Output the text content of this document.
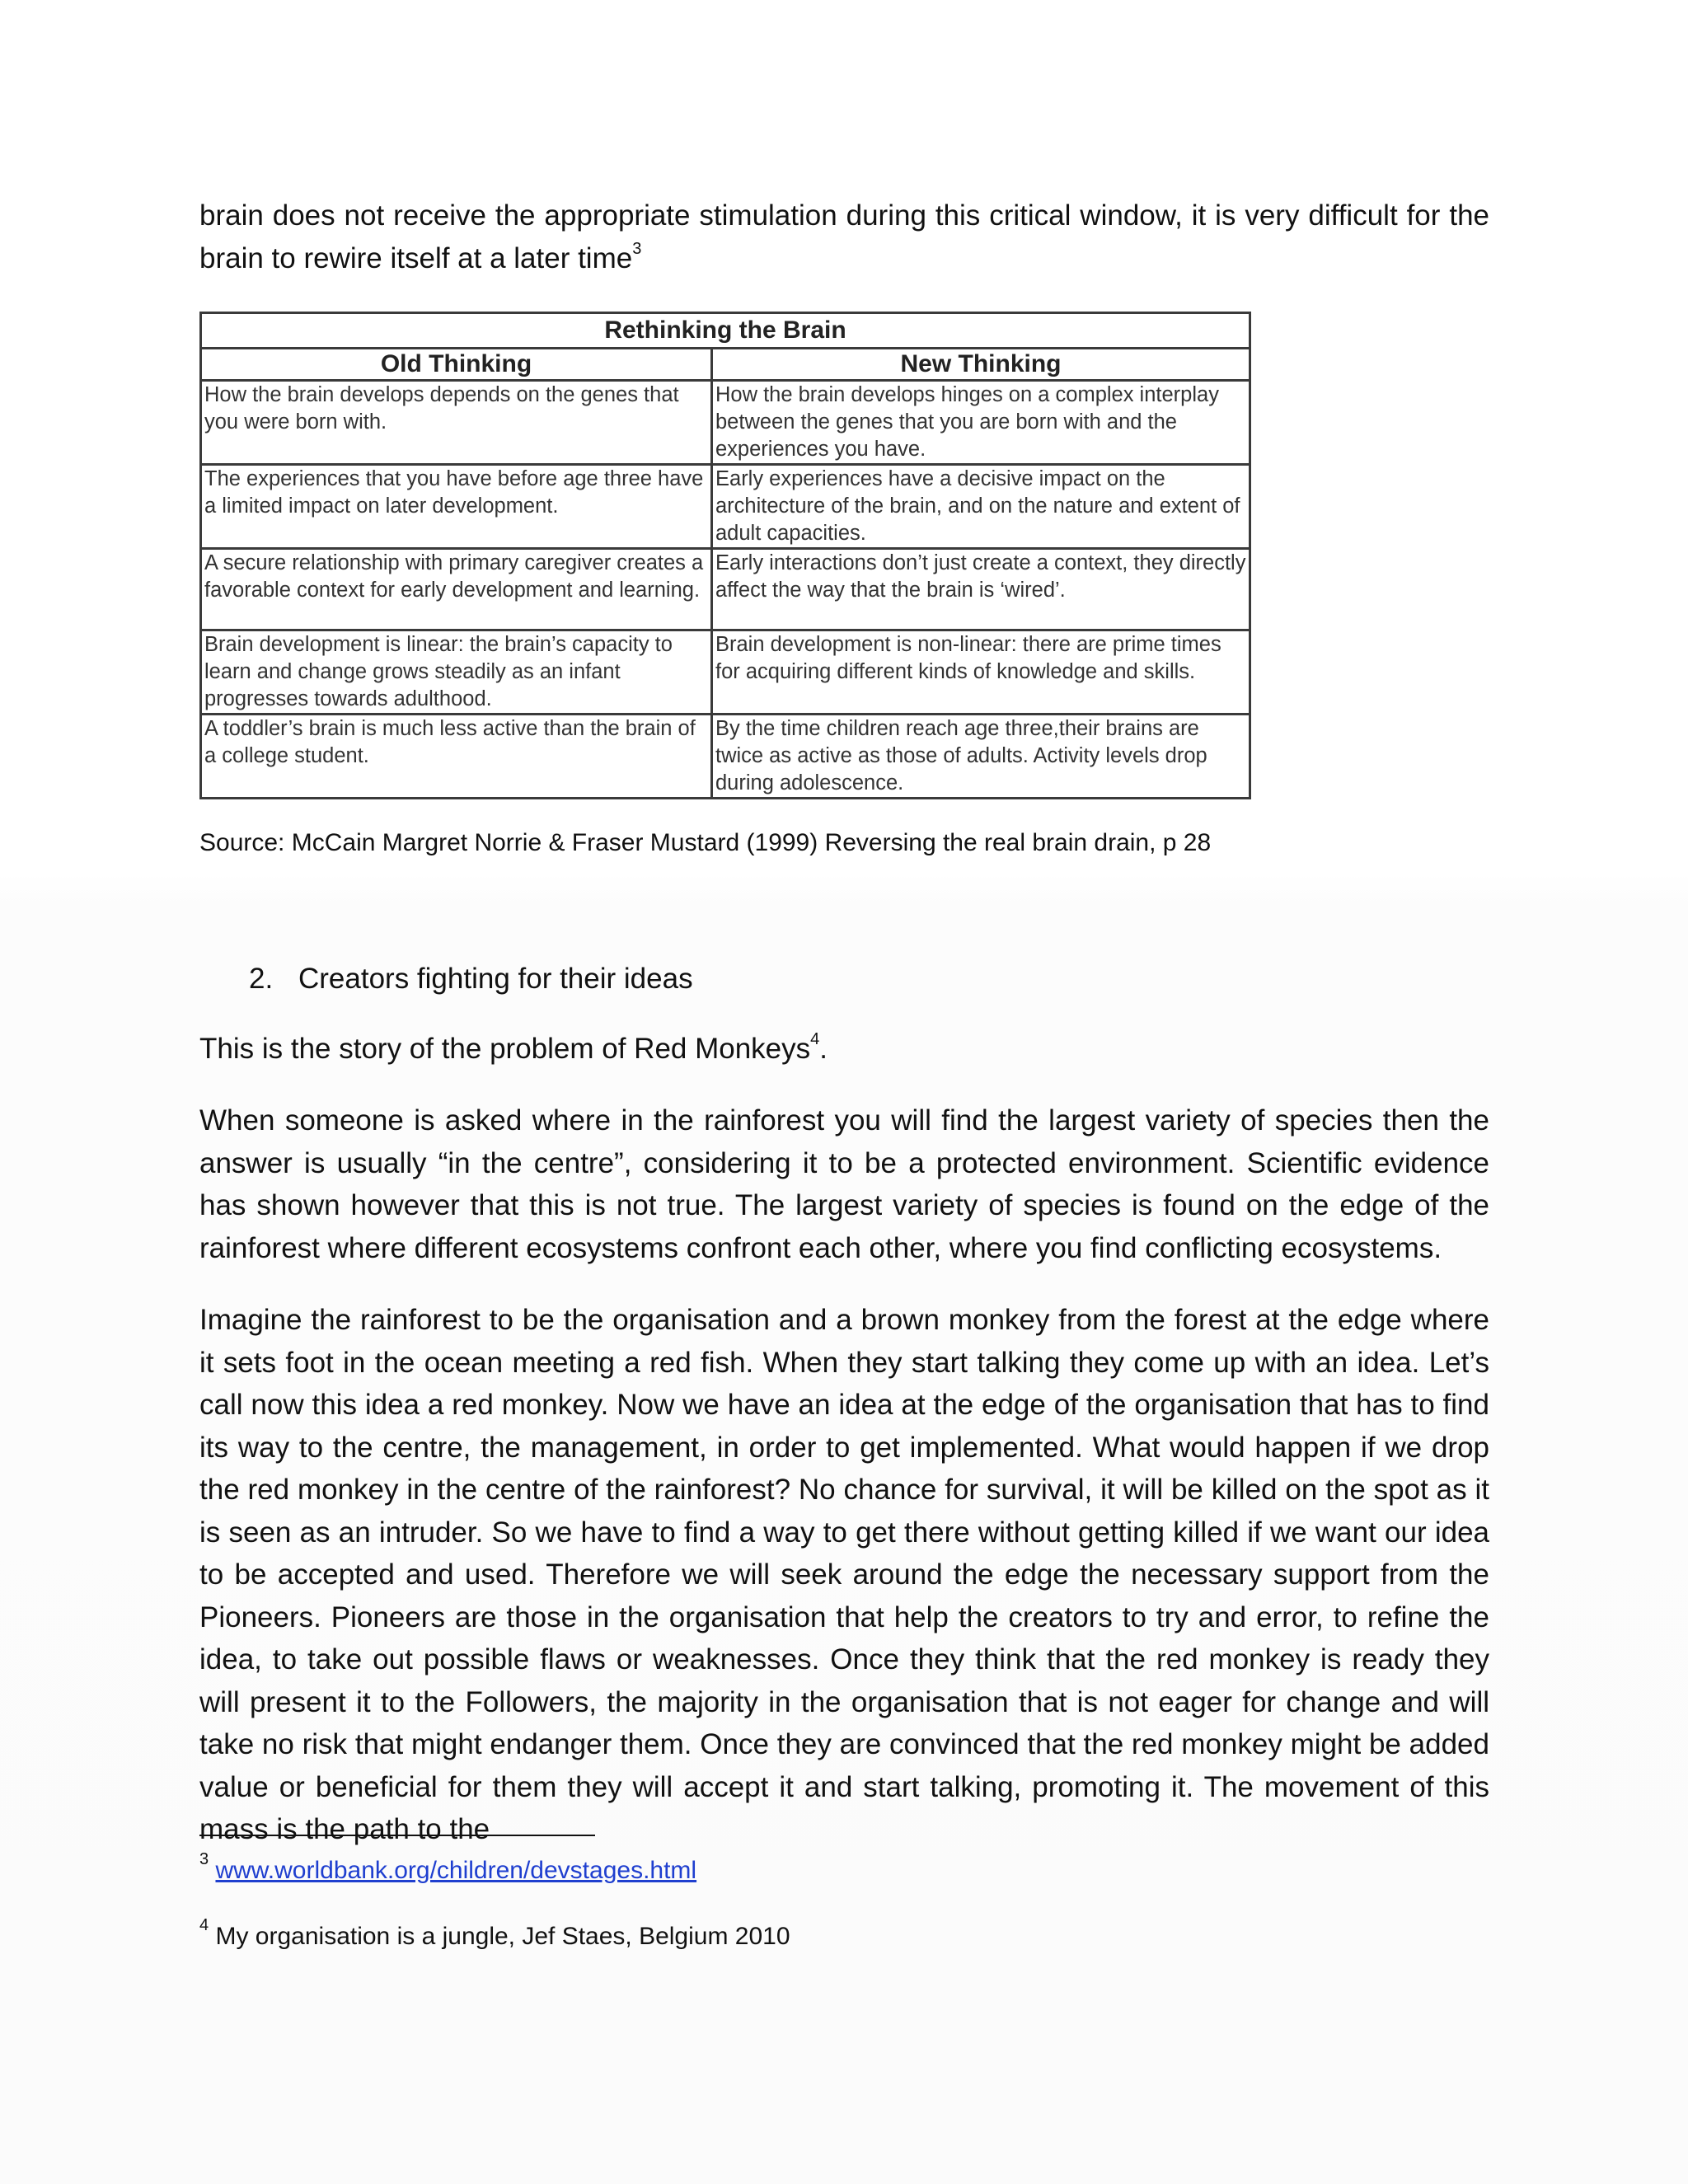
brain does not receive the appropriate stimulation during this critical window, it is very difficult for the brain to rewire itself at a later time$^3$

Rethinking the Brain	
Old Thinking	New Thinking
How the brain develops depends on the genes that you were born with.	How the brain develops hinges on a complex interplay between the genes that you are born with and the experiences you have.
The experiences that you have before age three have a limited impact on later development.	Early experiences have a decisive impact on the architecture of the brain, and on the nature and extent of adult capacities.
A secure relationship with primary caregiver creates a favorable context for early development and learning.	Early interactions don’t just create a context, they directly affect the way that the brain is ‘wired’.
Brain development is linear: the brain’s capacity to learn and change grows steadily as an infant progresses towards adulthood.	Brain development is non-linear: there are prime times for acquiring different kinds of knowledge and skills.
A toddler’s brain is much less active than the brain of a college student.	By the time children reach age three,their brains are twice as active as those of adults. Activity levels drop during adolescence.

Source: McCain Margret Norrie & Fraser Mustard (1999) Reversing the real brain drain, p 28

2. Creators fighting for their ideas

This is the story of the problem of Red Monkeys$^4$.

When someone is asked where in the rainforest you will find the largest variety of species then the answer is usually “in the centre”, considering it to be a protected environment. Scientific evidence has shown however that this is not true. The largest variety of species is found on the edge of the rainforest where different ecosystems confront each other, where you find conflicting ecosystems.

Imagine the rainforest to be the organisation and a brown monkey from the forest at the edge where it sets foot in the ocean meeting a red fish. When they start talking they come up with an idea. Let’s call now this idea a red monkey. Now we have an idea at the edge of the organisation that has to find its way to the centre, the management, in order to get implemented. What would happen if we drop the red monkey in the centre of the rainforest? No chance for survival, it will be killed on the spot as it is seen as an intruder. So we have to find a way to get there without getting killed if we want our idea to be accepted and used. Therefore we will seek around the edge the necessary support from the Pioneers. Pioneers are those in the organisation that help the creators to try and error, to refine the idea, to take out possible flaws or weaknesses. Once they think that the red monkey is ready they will present it to the Followers, the majority in the organisation that is not eager for change and will take no risk that might endanger them. Once they are convinced that the red monkey might be added value or beneficial for them they will accept it and start talking, promoting it. The movement of this mass is the path to the

$^3$ www.worldbank.org/children/devstages.html

$^4$ My organisation is a jungle, Jef Staes, Belgium 2010
